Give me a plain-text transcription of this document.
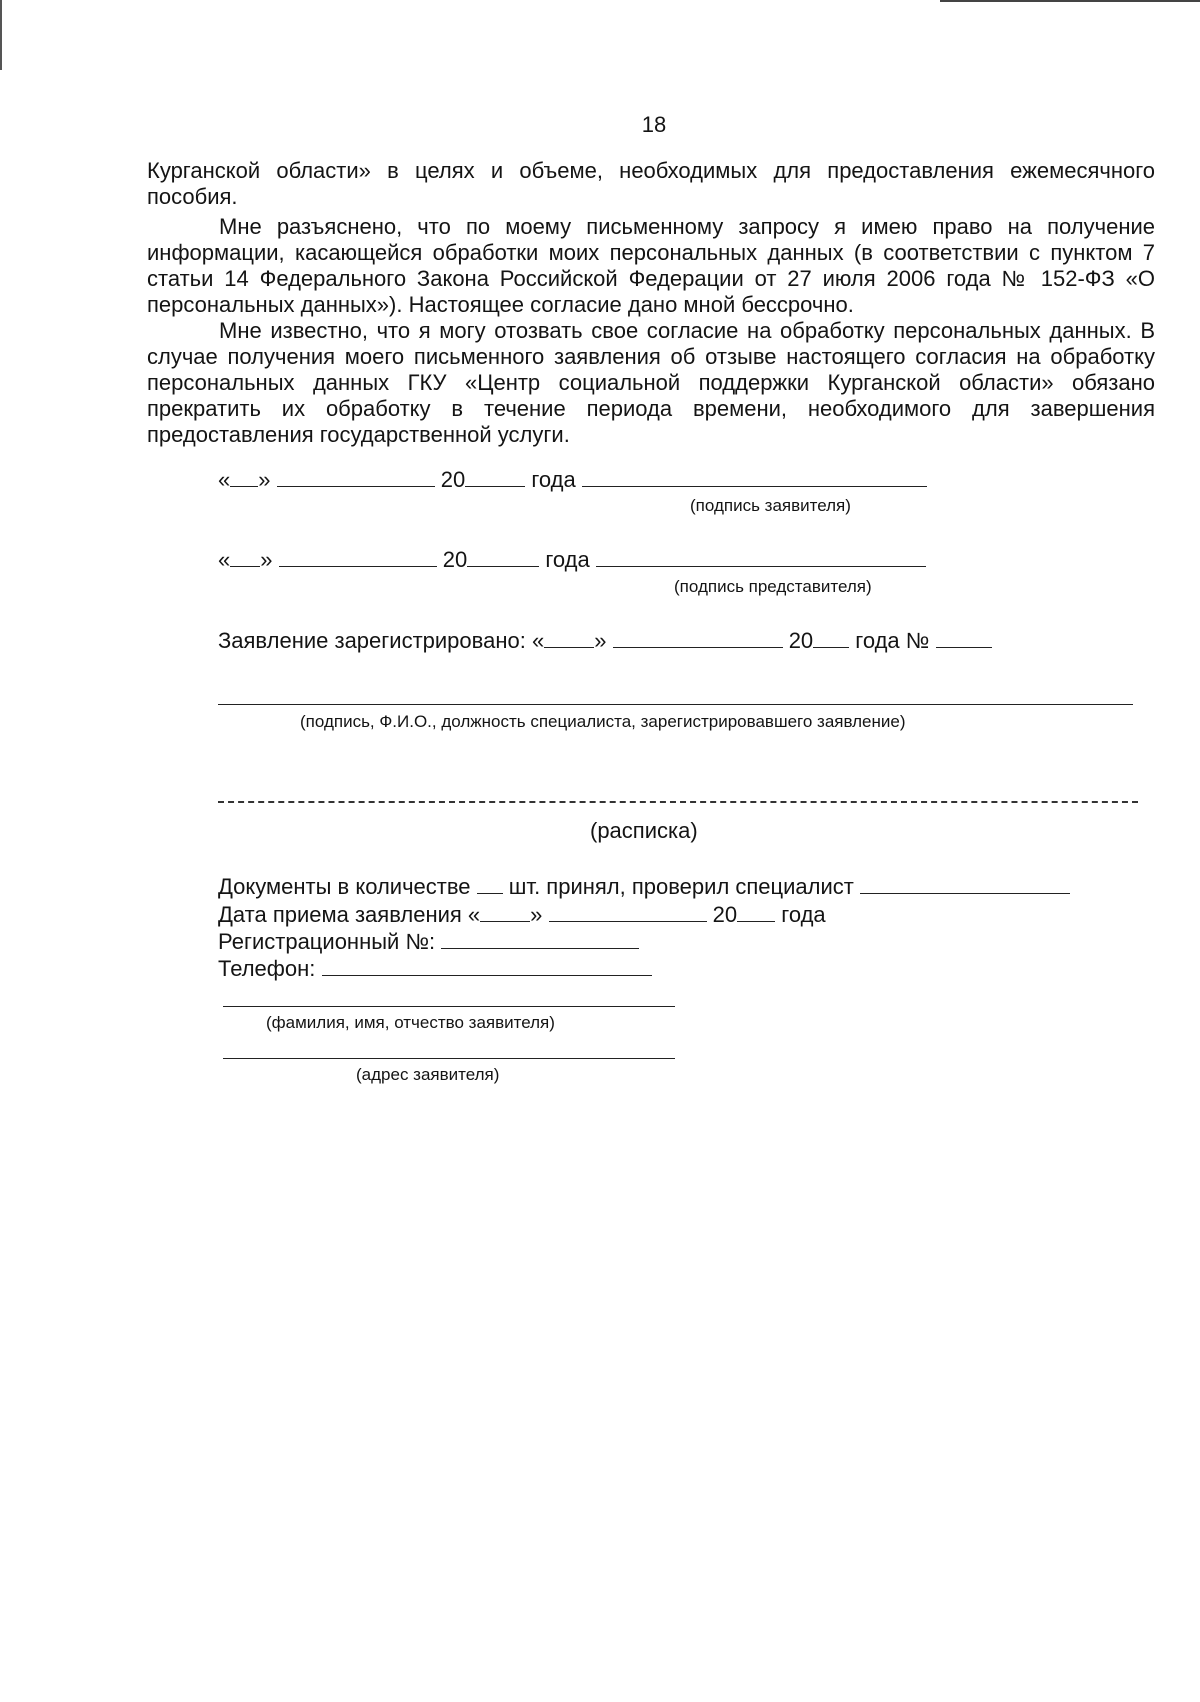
18

Курганской области» в целях и объеме, необходимых для предоставления ежемесячного пособия.

Мне разъяснено, что по моему письменному запросу я имею право на получение информации, касающейся обработки моих персональных данных (в соответствии с пунктом 7 статьи 14 Федерального Закона Российской Федерации от 27 июля 2006 года № 152-ФЗ «О персональных данных»). Настоящее согласие дано мной бессрочно.

Мне известно, что я могу отозвать свое согласие на обработку персональных данных. В случае получения моего письменного заявления об отзыве настоящего согласия на обработку персональных данных ГКУ «Центр социальной поддержки Курганской области» обязано прекратить их обработку в течение периода времени, необходимого для завершения предоставления государственной услуги.

« »	20	года
(подпись заявителя)
« »	20	года
(подпись представителя)
Заявление зарегистрировано: « »	20 года №
(подпись, Ф.И.О., должность специалиста, зарегистрировавшего заявление)
(расписка)
Документы в количестве шт. принял, проверил специалист
Дата приема заявления « »	20 года
Регистрационный №:
Телефон:
(фамилия, имя, отчество заявителя)
(адрес заявителя)
